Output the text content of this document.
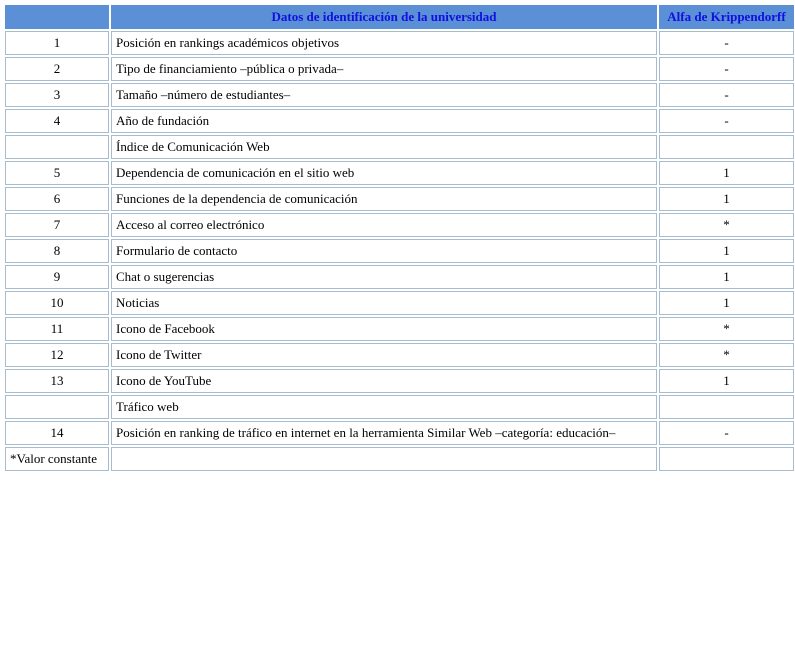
	Datos de identificación de la universidad	Alfa de Krippendorff
1	Posición en rankings académicos objetivos	-
2	Tipo de financiamiento –pública o privada–	-
3	Tamaño –número de estudiantes–	-
4	Año de fundación	-
	Índice de Comunicación Web	
5	Dependencia de comunicación en el sitio web	1
6	Funciones de la dependencia de comunicación	1
7	Acceso al correo electrónico	*
8	Formulario de contacto	1
9	Chat o sugerencias	1
10	Noticias	1
11	Icono de Facebook	*
12	Icono de Twitter	*
13	Icono de YouTube	1
	Tráfico web	
14	Posición en ranking de tráfico en internet en la herramienta Similar Web –categoría: educación–	-
*Valor constante		
